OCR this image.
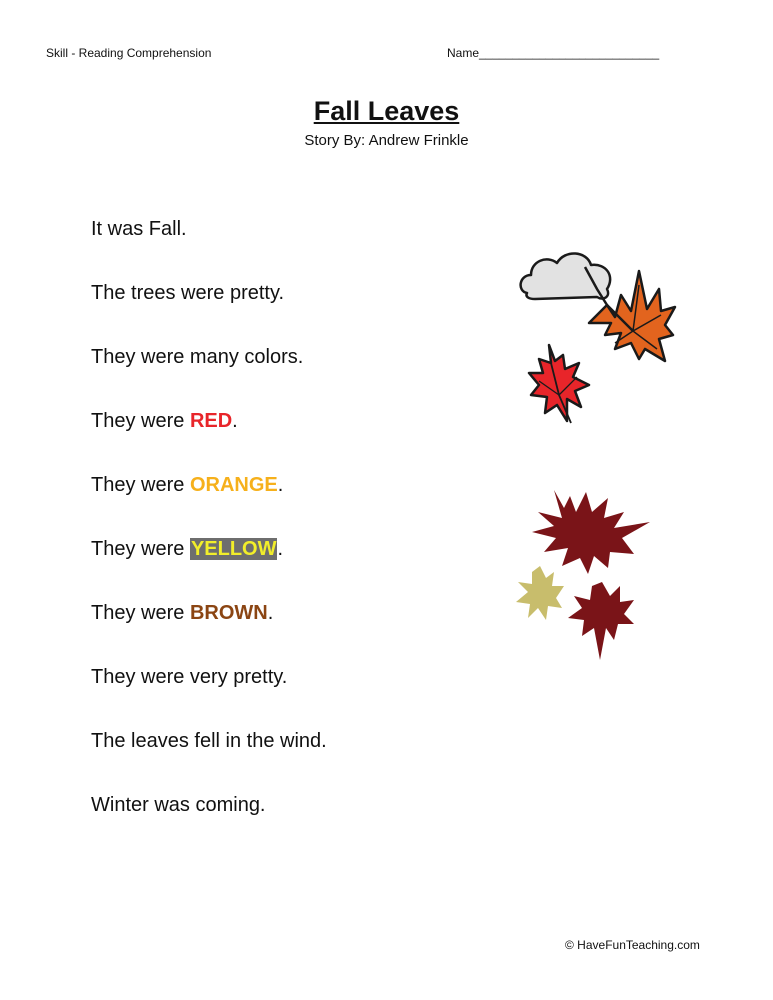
Skill - Reading Comprehension	Name___________________________
Fall Leaves
Story By: Andrew Frinkle
It was Fall.
The trees were pretty.
They were many colors.
They were RED.
They were ORANGE.
They were YELLOW.
They were BROWN.
They were very pretty.
The leaves fell in the wind.
Winter was coming.
© HaveFunTeaching.com
